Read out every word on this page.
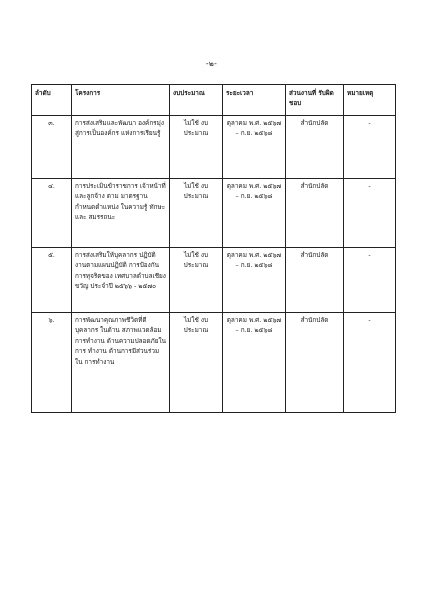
-๒-
ลำดับ	โครงการ	งบประมาณ	ระยะเวลา	ส่วนงานที่ รับผิดชอบ	หมายเหตุ
๓.	การส่งเสริมและพัฒนา องค์กรมุ่งสู่การเป็นองค์กร แห่งการเรียนรู้	ไม่ใช้ งบประมาณ	ตุลาคม พ.ศ. ๒๕๖๗ – ก.ย. ๒๕๖๘	สำนักปลัด	-
๔.	การประเมินข้าราชการ เจ้าหน้าที่ และลูกจ้าง ตาม มาตรฐาน กำหนดตำแหน่ง ในความรู้ ทักษะ และ สมรรถนะ	ไม่ใช้ งบประมาณ	ตุลาคม พ.ศ. ๒๕๖๗ – ก.ย. ๒๕๖๘	สำนักปลัด	-
๕.	การส่งเสริมให้บุคลากร ปฏิบัติงานตามแผนปฏิบัติ การป้องกันการทุจริตของ เทศบาลตำบลเชียงขวัญ ประจำปี ๒๕๖๖ - ๒๕๗๐	ไม่ใช้ งบประมาณ	ตุลาคม พ.ศ. ๒๕๖๗ – ก.ย. ๒๕๖๘	สำนักปลัด	-
๖.	การพัฒนาคุณภาพชีวิตที่ดี บุคลากร ในด้าน สภาพแวดล้อมการทำงาน ด้านความปลอดภัยในการ ทำงาน ด้านการมีส่วนร่วมใน การทำงาน	ไม่ใช้ งบประมาณ	ตุลาคม พ.ศ. ๒๕๖๗ – ก.ย. ๒๕๖๘	สำนักปลัด	-
